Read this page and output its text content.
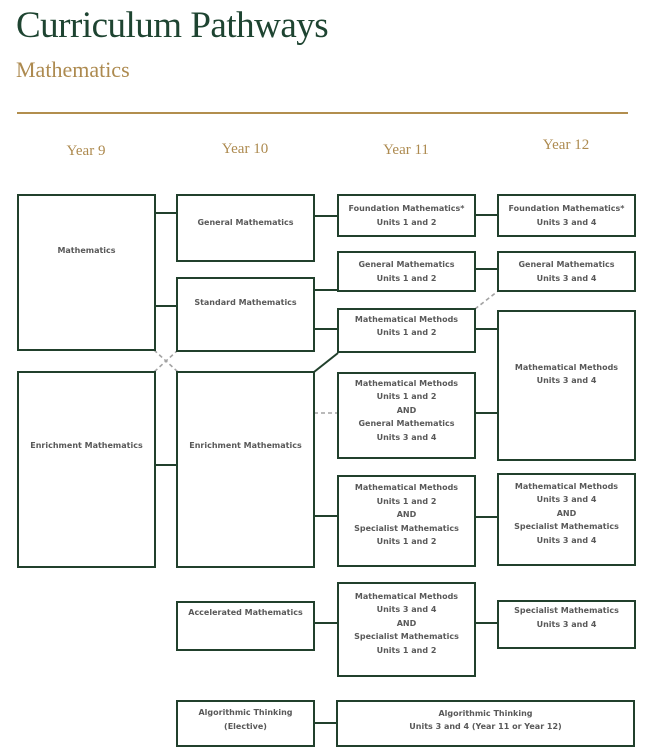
Curriculum Pathways
Mathematics
Year 9	Year 10	Year 11	Year 12
Mathematics
Enrichment Mathematics
General Mathematics
Standard Mathematics
Enrichment Mathematics
Accelerated Mathematics
Algorithmic Thinking
(Elective)
Foundation Mathematics*
Units 1 and 2
General Mathematics
Units 1 and 2
Mathematical Methods
Units 1 and 2
Mathematical Methods
Units 1 and 2
AND
General Mathematics
Units 3 and 4
Mathematical Methods
Units 1 and 2
AND
Specialist Mathematics
Units 1 and 2
Mathematical Methods
Units 3 and 4
AND
Specialist Mathematics
Units 1 and 2
Foundation Mathematics*
Units 3 and 4
General Mathematics
Units 3 and 4
Mathematical Methods
Units 3 and 4
Mathematical Methods
Units 3 and 4
AND
Specialist Mathematics
Units 3 and 4
Specialist Mathematics
Units 3 and 4
Algorithmic Thinking
Units 3 and 4 (Year 11 or Year 12)
